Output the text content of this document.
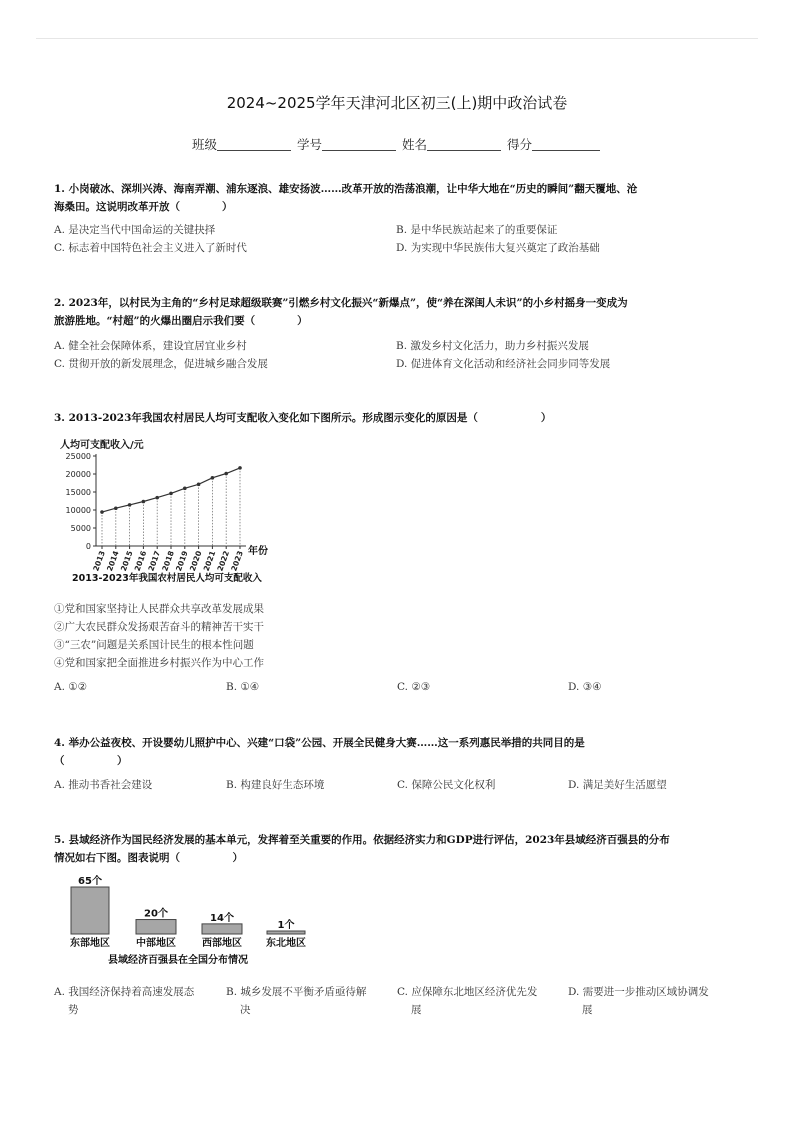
2024~2025学年天津河北区初三(上)期中政治试卷
班级	学号	姓名	得分
1. 小岗破冰、深圳兴涛、海南弄潮、浦东逐浪、雄安扬波……改革开放的浩荡浪潮，让中华大地在“历史的瞬间”翻天覆地、沧
海桑田。这说明改革开放（　　　　）
A. 是决定当代中国命运的关键抉择	B. 是中华民族站起来了的重要保证
C. 标志着中国特色社会主义进入了新时代	D. 为实现中华民族伟大复兴奠定了政治基础
2. 2023年，以村民为主角的“乡村足球超级联赛”引燃乡村文化振兴“新爆点”，使“养在深闺人未识”的小乡村摇身一变成为
旅游胜地。“村超”的火爆出圈启示我们要（　　　　）
A. 健全社会保障体系，建设宜居宜业乡村	B. 激发乡村文化活力，助力乡村振兴发展
C. 贯彻开放的新发展理念，促进城乡融合发展	D. 促进体育文化活动和经济社会同步同等发展
3. 2013-2023年我国农村居民人均可支配收入变化如下图所示。形成图示变化的原因是（　　　　　　）
人均可支配收入/元
0
5000
10000
15000
20000
25000
2013
2014
2015
2016
2017
2018
2019
2020
2021
2022
2023 年份
2013-2023年我国农村居民人均可支配收入
①党和国家坚持让人民群众共享改革发展成果
②广大农民群众发扬艰苦奋斗的精神苦干实干
③“三农”问题是关系国计民生的根本性问题
④党和国家把全面推进乡村振兴作为中心工作
A. ①②	B. ①④	C. ②③	D. ③④
4. 举办公益夜校、开设婴幼儿照护中心、兴建“口袋”公园、开展全民健身大赛……这一系列惠民举措的共同目的是
（　　　　　）
A. 推动书香社会建设	B. 构建良好生态环境	C. 保障公民文化权利	D. 满足美好生活愿望
5. 县域经济作为国民经济发展的基本单元，发挥着至关重要的作用。依据经济实力和GDP进行评估，2023年县域经济百强县的分布
情况如右下图。图表说明（　　　　　）
65个
东部地区
20个
中部地区
14个
西部地区
1个
东北地区
县域经济百强县在全国分布情况
A. 我国经济保持着高速发展态
势
B. 城乡发展不平衡矛盾亟待解
决
C. 应保障东北地区经济优先发
展
D. 需要进一步推动区域协调发
展
